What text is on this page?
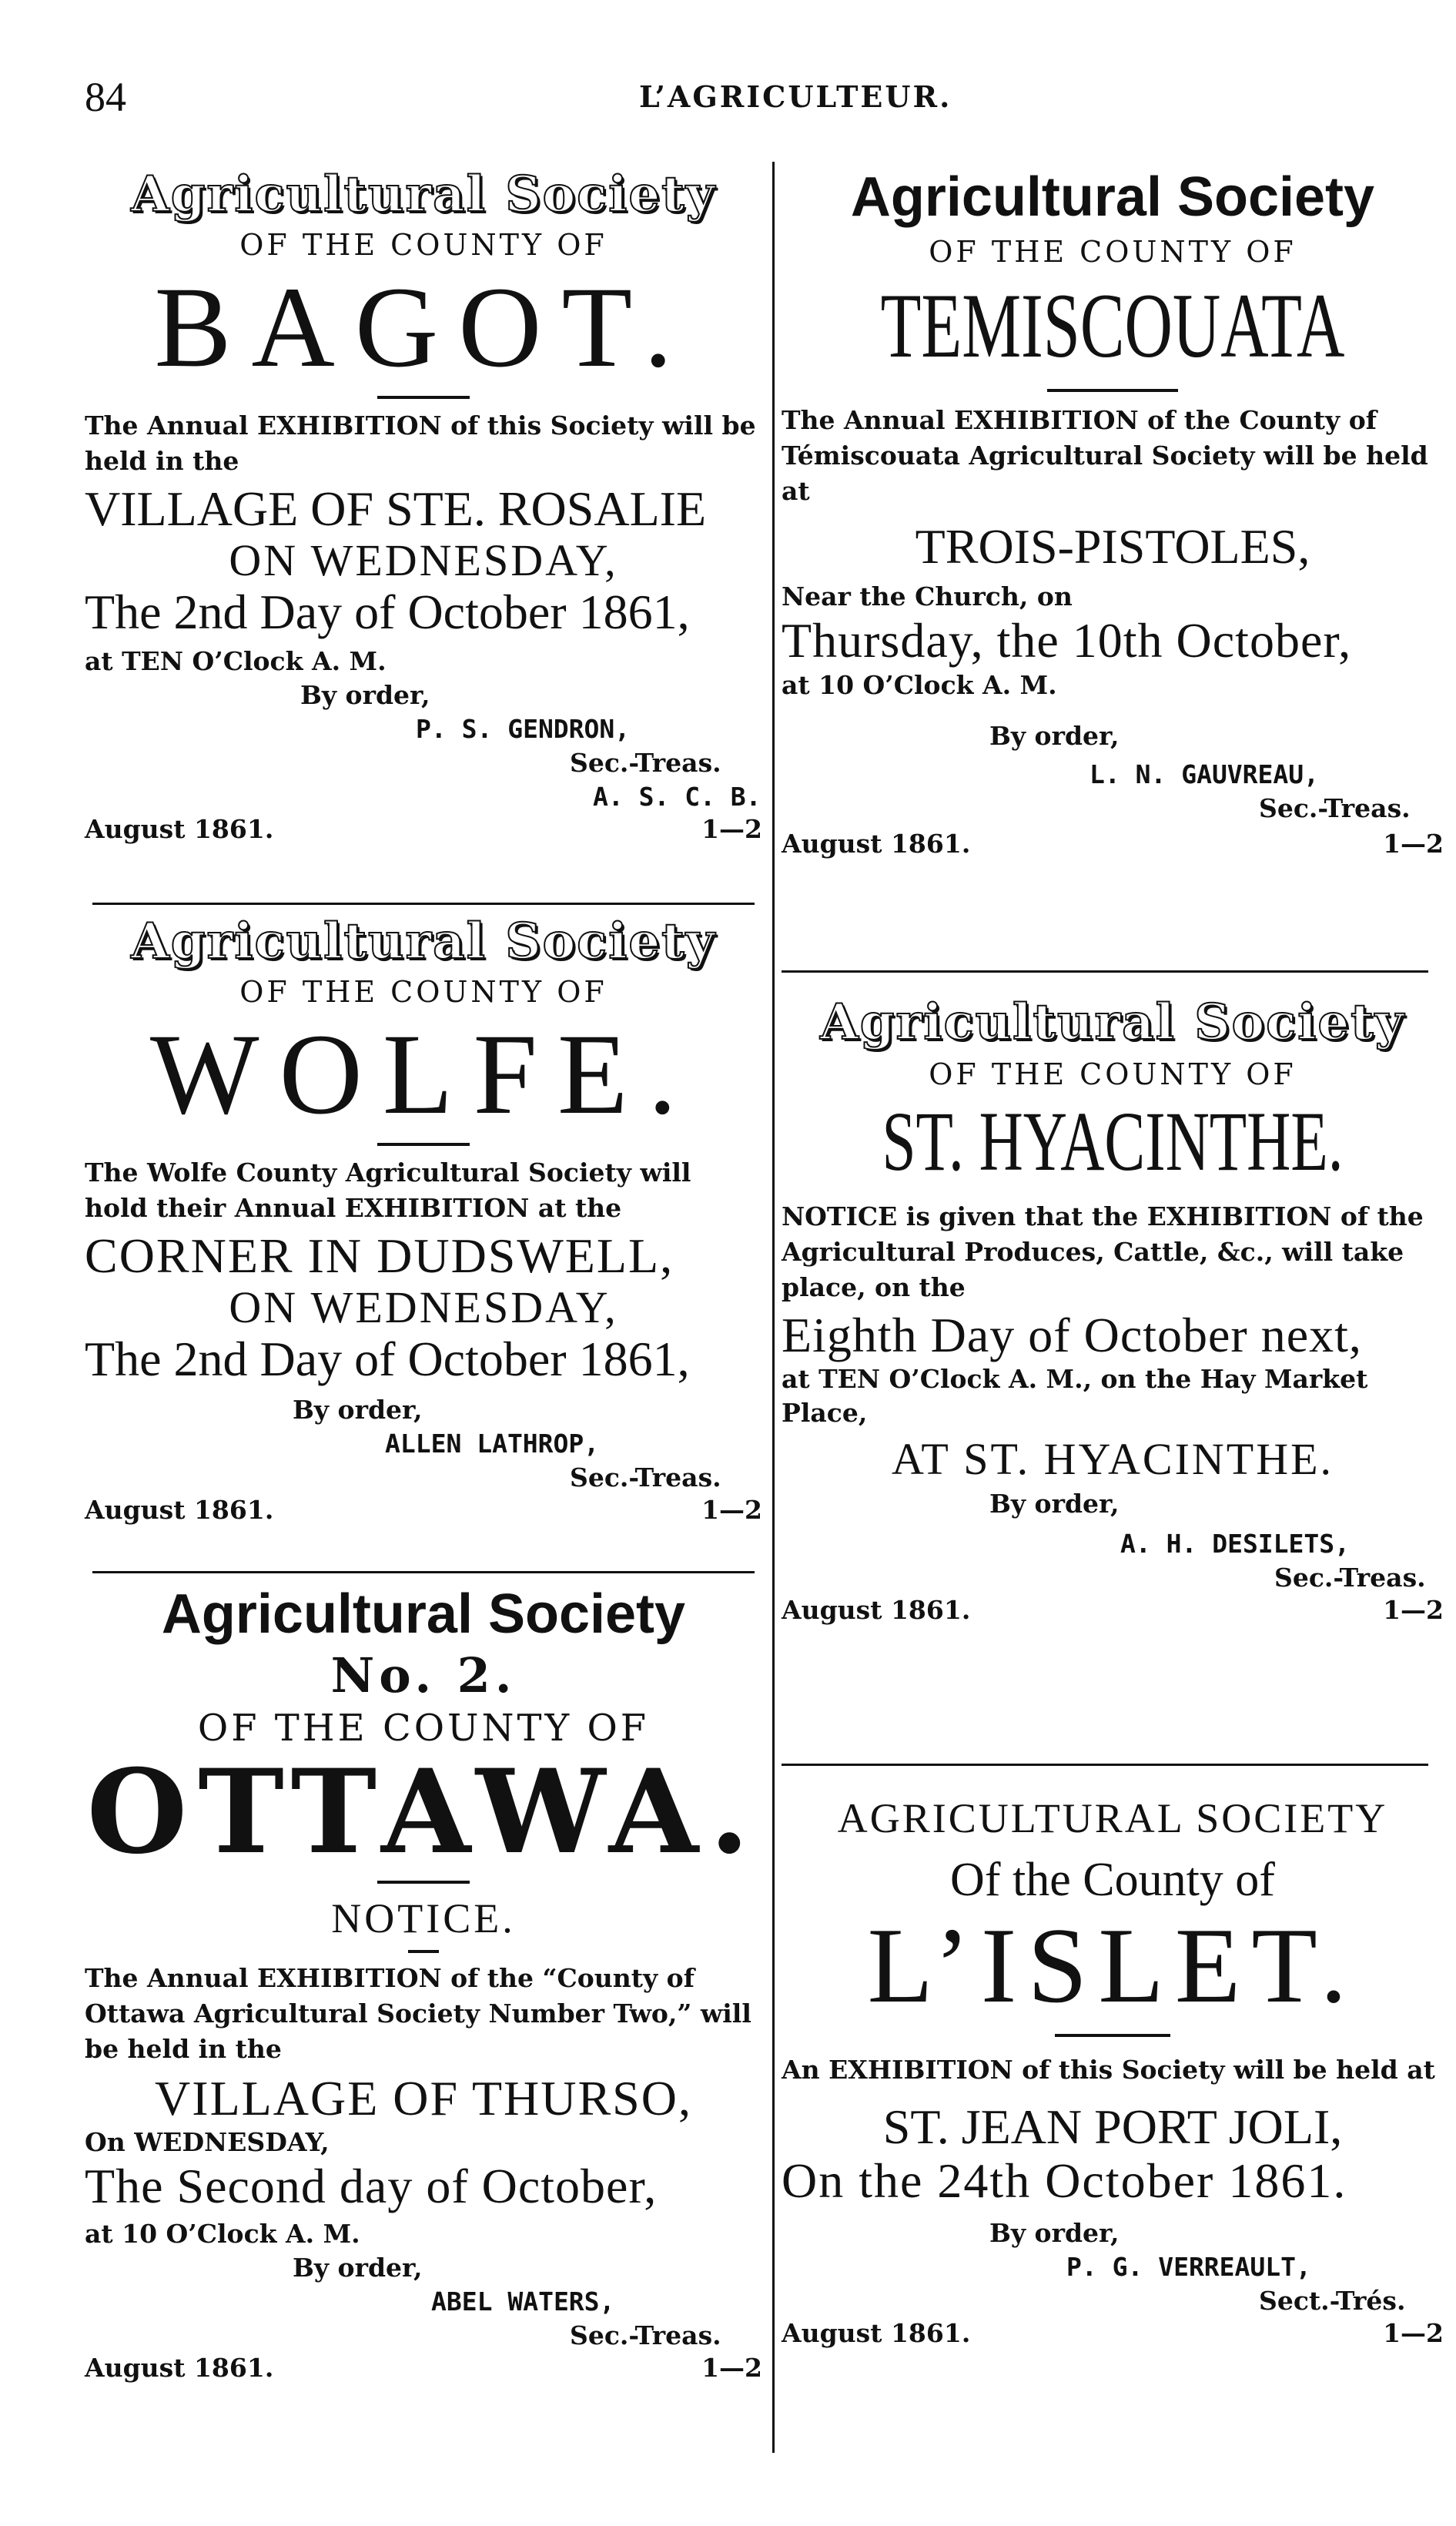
84	L’AGRICULTEUR.
Agricultural Society
OF THE COUNTY OF
BAGOT.
The Annual EXHIBITION of this Society will be held in the
VILLAGE OF STE. ROSALIE
ON WEDNESDAY,
The 2nd Day of October 1861,
at TEN O’Clock A. M.
By order,
P. S. GENDRON,
Sec.-Treas.
A. S. C. B.
August 1861.	1—2
Agricultural Society
OF THE COUNTY OF
WOLFE.
The Wolfe County Agricultural Society will hold their Annual EXHIBITION at the
CORNER IN DUDSWELL,
ON WEDNESDAY,
The 2nd Day of October 1861,
By order,
ALLEN LATHROP,
Sec.-Treas.
August 1861.	1—2
Agricultural Society
No. 2.
OF THE COUNTY OF
OTTAWA.
NOTICE.
The Annual EXHIBITION of the “County of Ottawa Agricultural Society Number Two,” will be held in the
VILLAGE OF THURSO,
On WEDNESDAY,
The Second day of October,
at 10 O’Clock A. M.
By order,
ABEL WATERS,
Sec.-Treas.
August 1861.	1—2
Agricultural Society
OF THE COUNTY OF
TEMISCOUATA
The Annual EXHIBITION of the County of Témiscouata Agricultural Society will be held at
TROIS-PISTOLES,
Near the Church, on
Thursday, the 10th October,
at 10 O’Clock A. M.
By order,
L. N. GAUVREAU,
Sec.-Treas.
August 1861.	1—2
Agricultural Society
OF THE COUNTY OF
ST. HYACINTHE.
NOTICE is given that the EXHIBITION of the Agricultural Produces, Cattle, &c., will take place, on the
Eighth Day of October next,
at TEN O’Clock A. M., on the Hay Market Place,
AT ST. HYACINTHE.
By order,
A. H. DESILETS,
Sec.-Treas.
August 1861.	1—2
AGRICULTURAL SOCIETY
Of the County of
L’ISLET.
An EXHIBITION of this Society will be held at
ST. JEAN PORT JOLI,
On the 24th October 1861.
By order,
P. G. VERREAULT,
Sect.-Trés.
August 1861.	1—2
